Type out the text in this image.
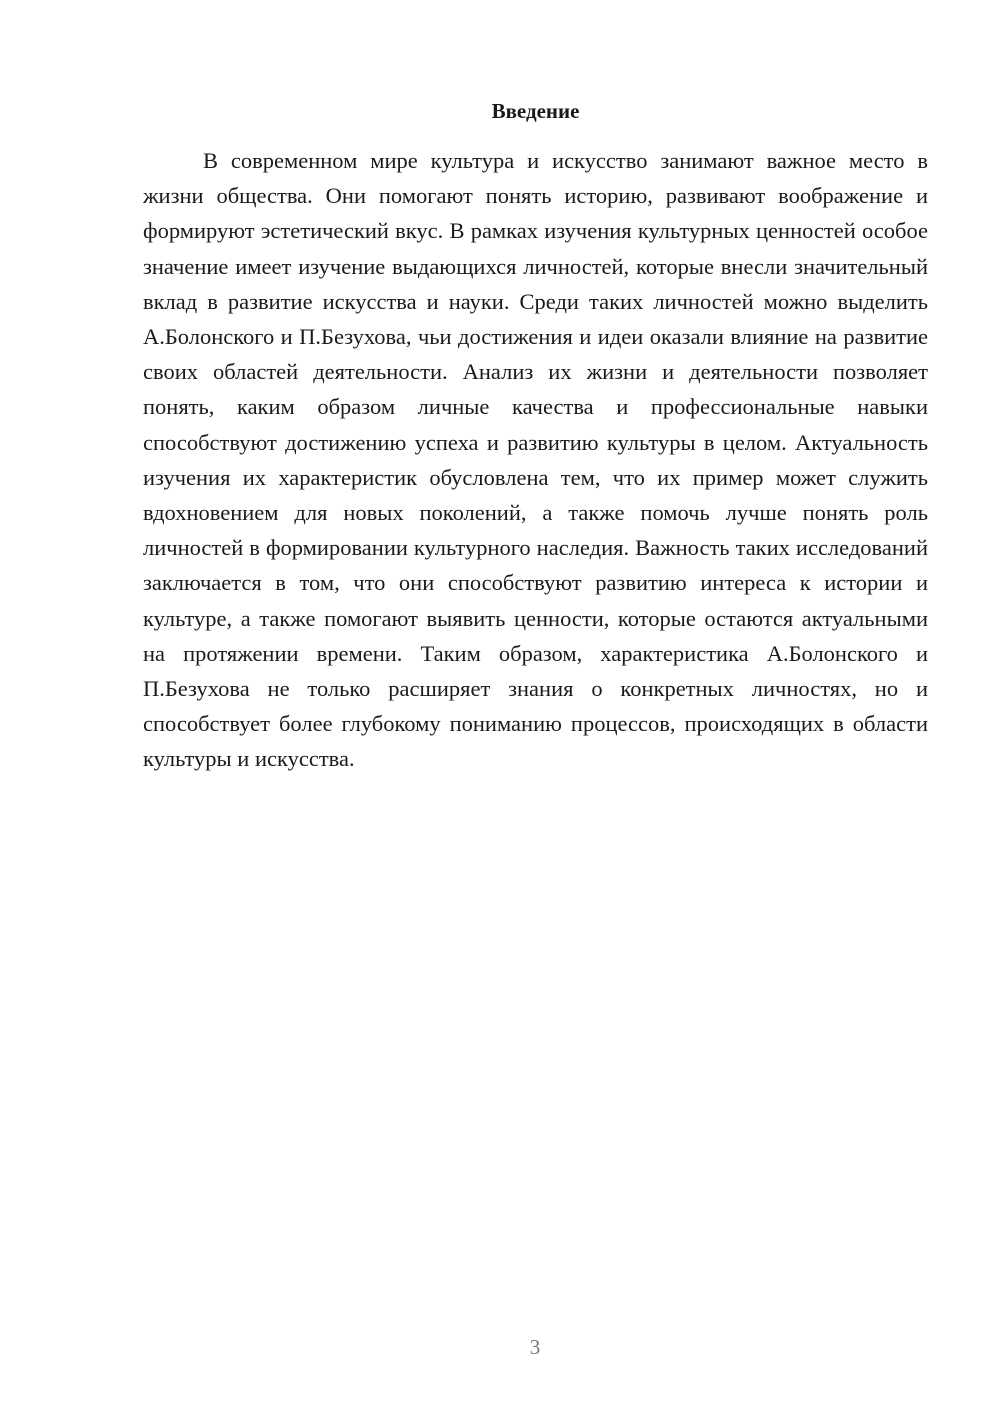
Введение

В современном мире культура и искусство занимают важное место в жизни общества. Они помогают понять историю, развивают воображение и формируют эстетический вкус. В рамках изучения культурных ценностей особое значение имеет изучение выдающихся личностей, которые внесли значительный вклад в развитие искусства и науки. Среди таких личностей можно выделить А.Болонского и П.Безухова, чьи достижения и идеи оказали влияние на развитие своих областей деятельности. Анализ их жизни и деятельности позволяет понять, каким образом личные качества и профессиональные навыки способствуют достижению успеха и развитию культуры в целом. Актуальность изучения их характеристик обусловлена тем, что их пример может служить вдохновением для новых поколений, а также помочь лучше понять роль личностей в формировании культурного наследия. Важность таких исследований заключается в том, что они способствуют развитию интереса к истории и культуре, а также помогают выявить ценности, которые остаются актуальными на протяжении времени. Таким образом, характеристика А.Болонского и П.Безухова не только расширяет знания о конкретных личностях, но и способствует более глубокому пониманию процессов, происходящих в области культуры и искусства.

3
